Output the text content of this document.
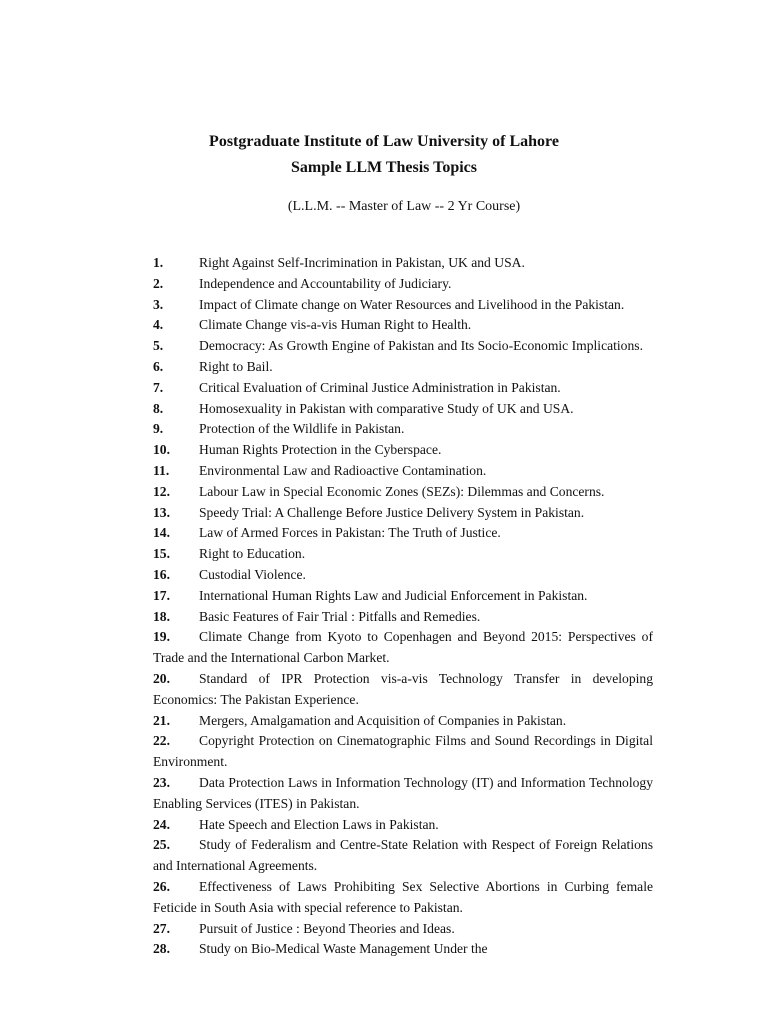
Postgraduate Institute of Law University of Lahore

Sample LLM Thesis Topics

(L.L.M. -- Master of Law -- 2 Yr Course)

1.	Right Against Self-Incrimination in Pakistan, UK and USA.
2.	Independence and Accountability of Judiciary.
3.	Impact of Climate change on Water Resources and Livelihood in the Pakistan.
4.	Climate Change vis-a-vis Human Right to Health.
5.	Democracy: As Growth Engine of Pakistan and Its Socio-Economic Implications.
6.	Right to Bail.
7.	Critical Evaluation of Criminal Justice Administration in Pakistan.
8.	Homosexuality in Pakistan with comparative Study of UK and USA.
9.	Protection of the Wildlife in Pakistan.
10. Human Rights Protection in the Cyberspace.
11. Environmental Law and Radioactive Contamination.
12. Labour Law in Special Economic Zones (SEZs): Dilemmas and Concerns.
13. Speedy Trial: A Challenge Before Justice Delivery System in Pakistan.
14. Law of Armed Forces in Pakistan: The Truth of Justice.
15. Right to Education.
16. Custodial Violence.
17. International Human Rights Law and Judicial Enforcement in Pakistan.
18. Basic Features of Fair Trial : Pitfalls and Remedies.
19. Climate Change from Kyoto to Copenhagen and Beyond 2015: Perspectives of Trade and the International Carbon Market.
20. Standard of IPR Protection vis-a-vis Technology Transfer in developing Economics: The Pakistan Experience.
21. Mergers, Amalgamation and Acquisition of Companies in Pakistan.
22. Copyright Protection on Cinematographic Films and Sound Recordings in Digital Environment.
23. Data Protection Laws in Information Technology (IT) and Information Technology Enabling Services (ITES) in Pakistan.
24. Hate Speech and Election Laws in Pakistan.
25. Study of Federalism and Centre-State Relation with Respect of Foreign Relations and International Agreements.
26. Effectiveness of Laws Prohibiting Sex Selective Abortions in Curbing female Feticide in South Asia with special reference to Pakistan.
27. Pursuit of Justice : Beyond Theories and Ideas.
28. Study on Bio-Medical Waste Management Under the
